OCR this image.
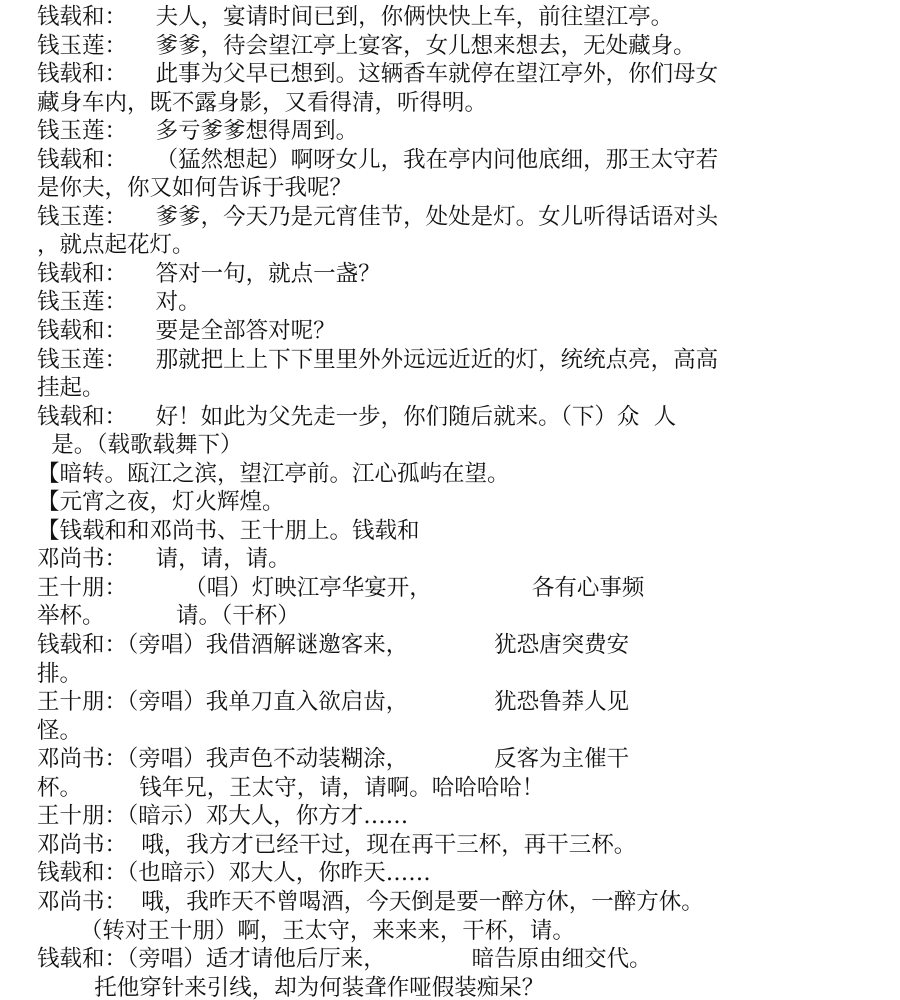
钱载和：    夫人，宴请时间已到，你俩快快上车，前往望江亭。
钱玉莲：    爹爹，待会望江亭上宴客，女儿想来想去，无处藏身。
钱载和：    此事为父早已想到。这辆香车就停在望江亭外，你们母女
藏身车内，既不露身影，又看得清，听得明。
钱玉莲：    多亏爹爹想得周到。
钱载和：    （猛然想起）啊呀女儿，我在亭内问他底细，那王太守若
是你夫，你又如何告诉于我呢？
钱玉莲：    爹爹，今天乃是元宵佳节，处处是灯。女儿听得话语对头
，就点起花灯。
钱载和：    答对一句，就点一盏？
钱玉莲：    对。
钱载和：    要是全部答对呢？
钱玉莲：    那就把上上下下里里外外远远近近的灯，统统点亮，高高
挂起。
钱载和：    好！如此为父先走一步，你们随后就来。（下）众  人
是。（载歌载舞下）
【暗转。瓯江之滨，望江亭前。江心孤屿在望。
【元宵之夜，灯火辉煌。
【钱载和和邓尚书、王十朋上。钱载和
邓尚书：    请，请，请。
王十朋：        （唱）灯映江亭华宴开，              各有心事频
举杯。          请。（干杯）
钱载和：（旁唱）我借酒解谜邀客来，            犹恐唐突费安
排。
王十朋：（旁唱）我单刀直入欲启齿，            犹恐鲁莽人见
怪。
邓尚书：（旁唱）我声色不动装糊涂，            反客为主催干
杯。        钱年兄，王太守，请，请啊。哈哈哈哈！
王十朋：（暗示）邓大人，你方才……
邓尚书：  哦，我方才已经干过，现在再干三杯，再干三杯。
钱载和：（也暗示）邓大人，你昨天……
邓尚书：  哦，我昨天不曾喝酒，今天倒是要一醉方休，一醉方休。
（转对王十朋）啊，王太守，来来来，干杯，请。
钱载和：（旁唱）适才请他后厅来，            暗告原由细交代。
托他穿针来引线，却为何装聋作哑假装痴呆？
